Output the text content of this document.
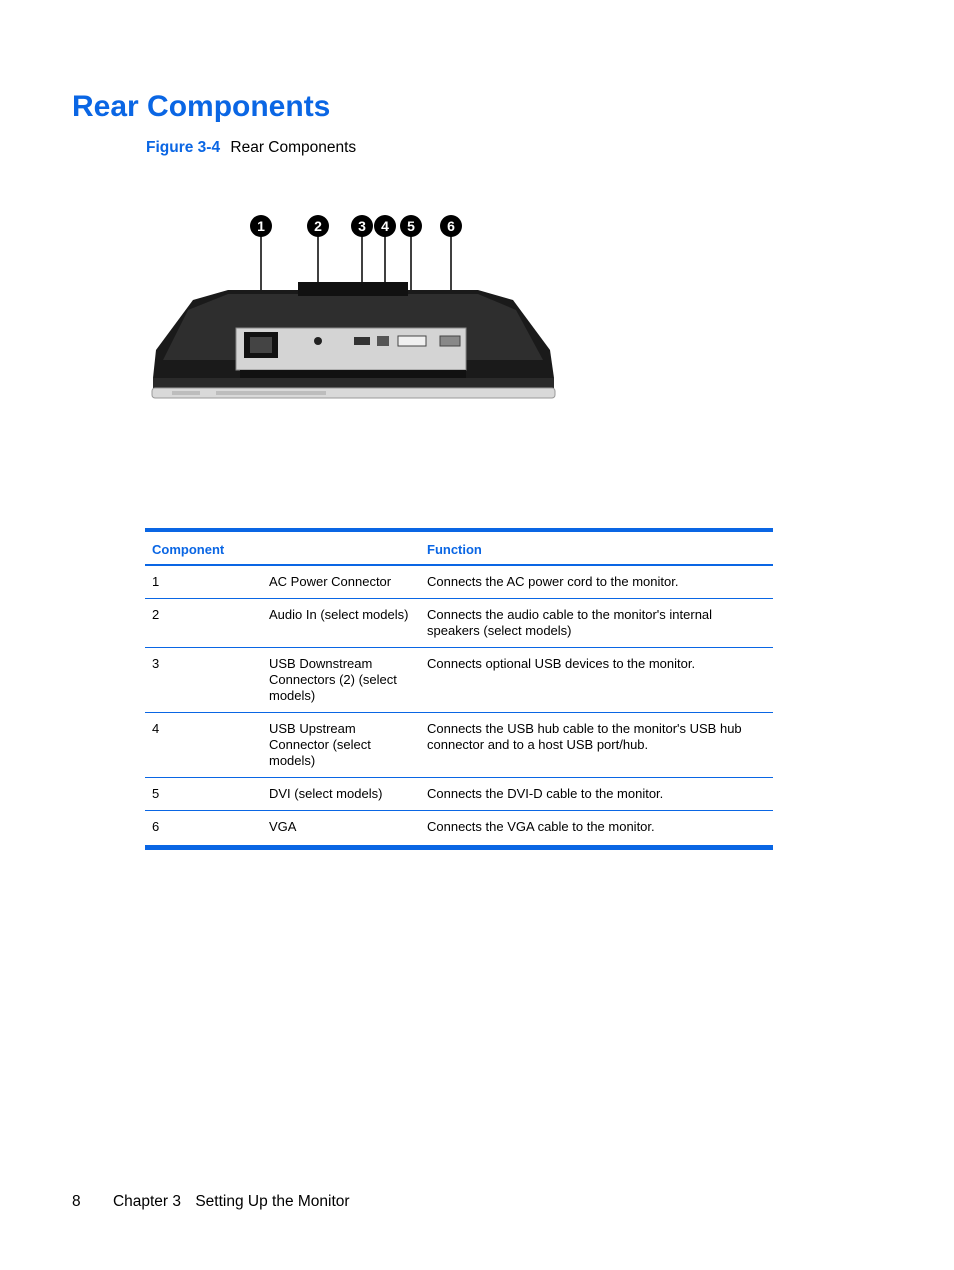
Rear Components
Figure 3-4 Rear Components
1	2	3 4 5 6
Component		Function
1	AC Power Connector	Connects the AC power cord to the monitor.
2	Audio In (select models)	Connects the audio cable to the monitor's internal speakers (select models)
3	USB Downstream Connectors (2) (select models)	Connects optional USB devices to the monitor.
4	USB Upstream Connector (select models)	Connects the USB hub cable to the monitor's USB hub connector and to a host USB port/hub.
5	DVI (select models)	Connects the DVI-D cable to the monitor.
6	VGA	Connects the VGA cable to the monitor.
8 Chapter 3 Setting Up the Monitor
